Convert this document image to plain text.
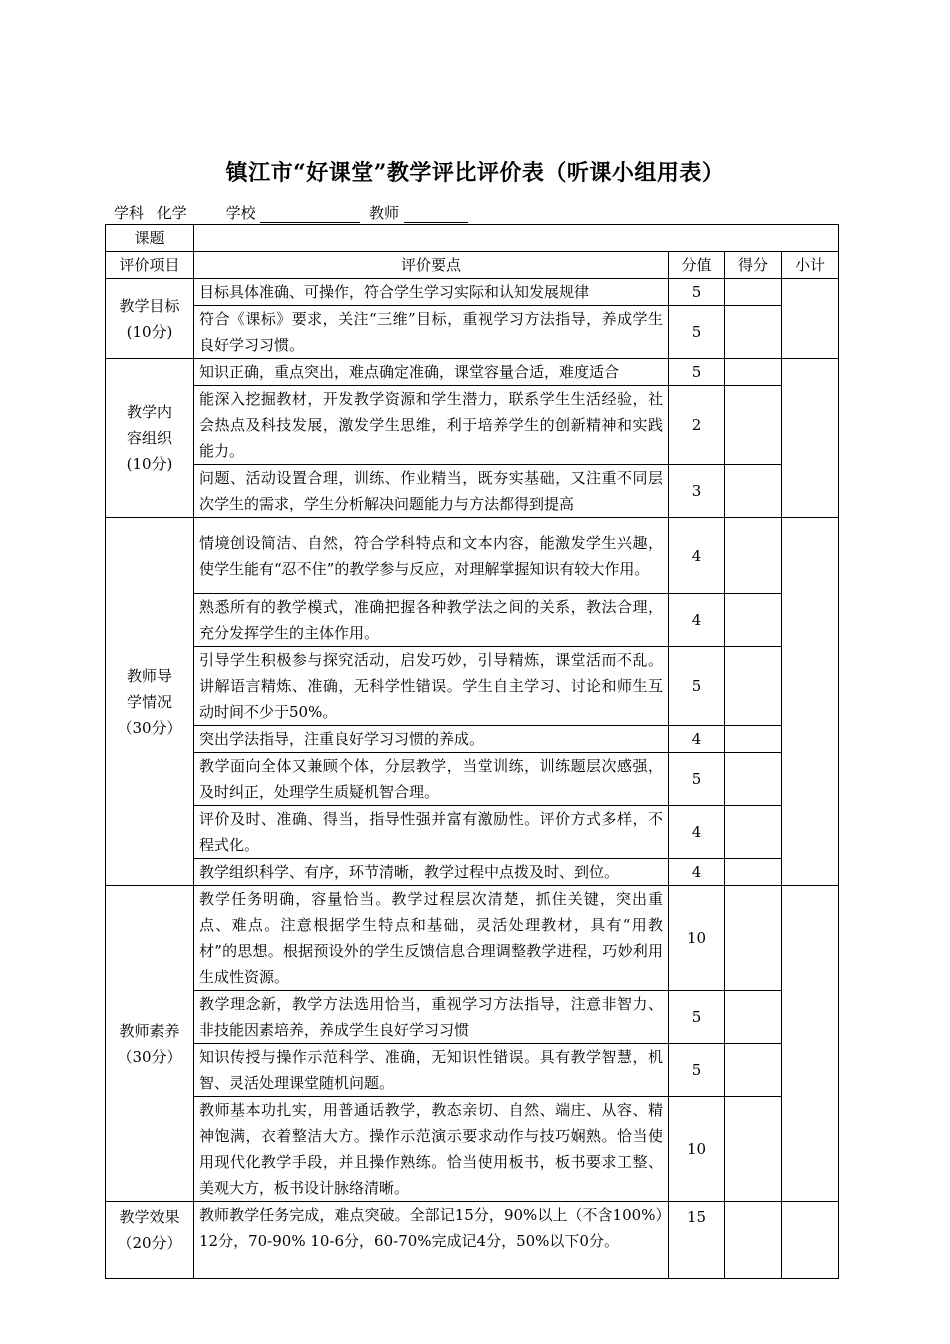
镇江市“好课堂”教学评比评价表（听课小组用表）
学科 化学	学校	教师
课题				
评价项目	评价要点	分值	得分	小计

教学目标
(10分)	目标具体准确、可操作，符合学生学习实际和认知发展规律	5		
	符合《课标》要求，关注“三维”目标，重视学习方法指导，养成学生良好学习习惯。	5		

教学内
容组织
(10分)	知识正确，重点突出，难点确定准确，课堂容量合适，难度适合	5		
	能深入挖掘教材，开发教学资源和学生潜力，联系学生生活经验，社会热点及科技发展，激发学生思维，利于培养学生的创新精神和实践能力。	2		
	问题、活动设置合理，训练、作业精当，既夯实基础，又注重不同层次学生的需求，学生分析解决问题能力与方法都得到提高	3		

教师导
学情况
（30分）	情境创设简洁、自然，符合学科特点和文本内容，能激发学生兴趣，使学生能有“忍不住”的教学参与反应，对理解掌握知识有较大作用。	4		
	熟悉所有的教学模式，准确把握各种教学法之间的关系，教法合理，充分发挥学生的主体作用。	4		
	引导学生积极参与探究活动，启发巧妙，引导精炼，课堂活而不乱。讲解语言精炼、准确，无科学性错误。学生自主学习、讨论和师生互动时间不少于50%。	5		
	突出学法指导，注重良好学习习惯的养成。	4		
	教学面向全体又兼顾个体，分层教学，当堂训练，训练题层次感强，及时纠正，处理学生质疑机智合理。	5		
	评价及时、准确、得当，指导性强并富有激励性。评价方式多样，不程式化。	4		
	教学组织科学、有序，环节清晰，教学过程中点拨及时、到位。	4		

教师素养
（30分）	教学任务明确，容量恰当。教学过程层次清楚，抓住关键，突出重点、难点。注意根据学生特点和基础，灵活处理教材，具有“用教材”的思想。根据预设外的学生反馈信息合理调整教学进程，巧妙利用生成性资源。	10		
	教学理念新，教学方法选用恰当，重视学习方法指导，注意非智力、非技能因素培养，养成学生良好学习习惯	5		
	知识传授与操作示范科学、准确，无知识性错误。具有教学智慧，机智、灵活处理课堂随机问题。	5		
	教师基本功扎实，用普通话教学，教态亲切、自然、端庄、从容、精神饱满，衣着整洁大方。操作示范演示要求动作与技巧娴熟。恰当使用现代化教学手段，并且操作熟练。恰当使用板书，板书要求工整、美观大方，板书设计脉络清晰。	10		

教学效果
（20分）	教师教学任务完成，难点突破。全部记15分，90%以上（不含100%）12分，70-90% 10-6分，60-70%完成记4分，50%以下0分。	15		
